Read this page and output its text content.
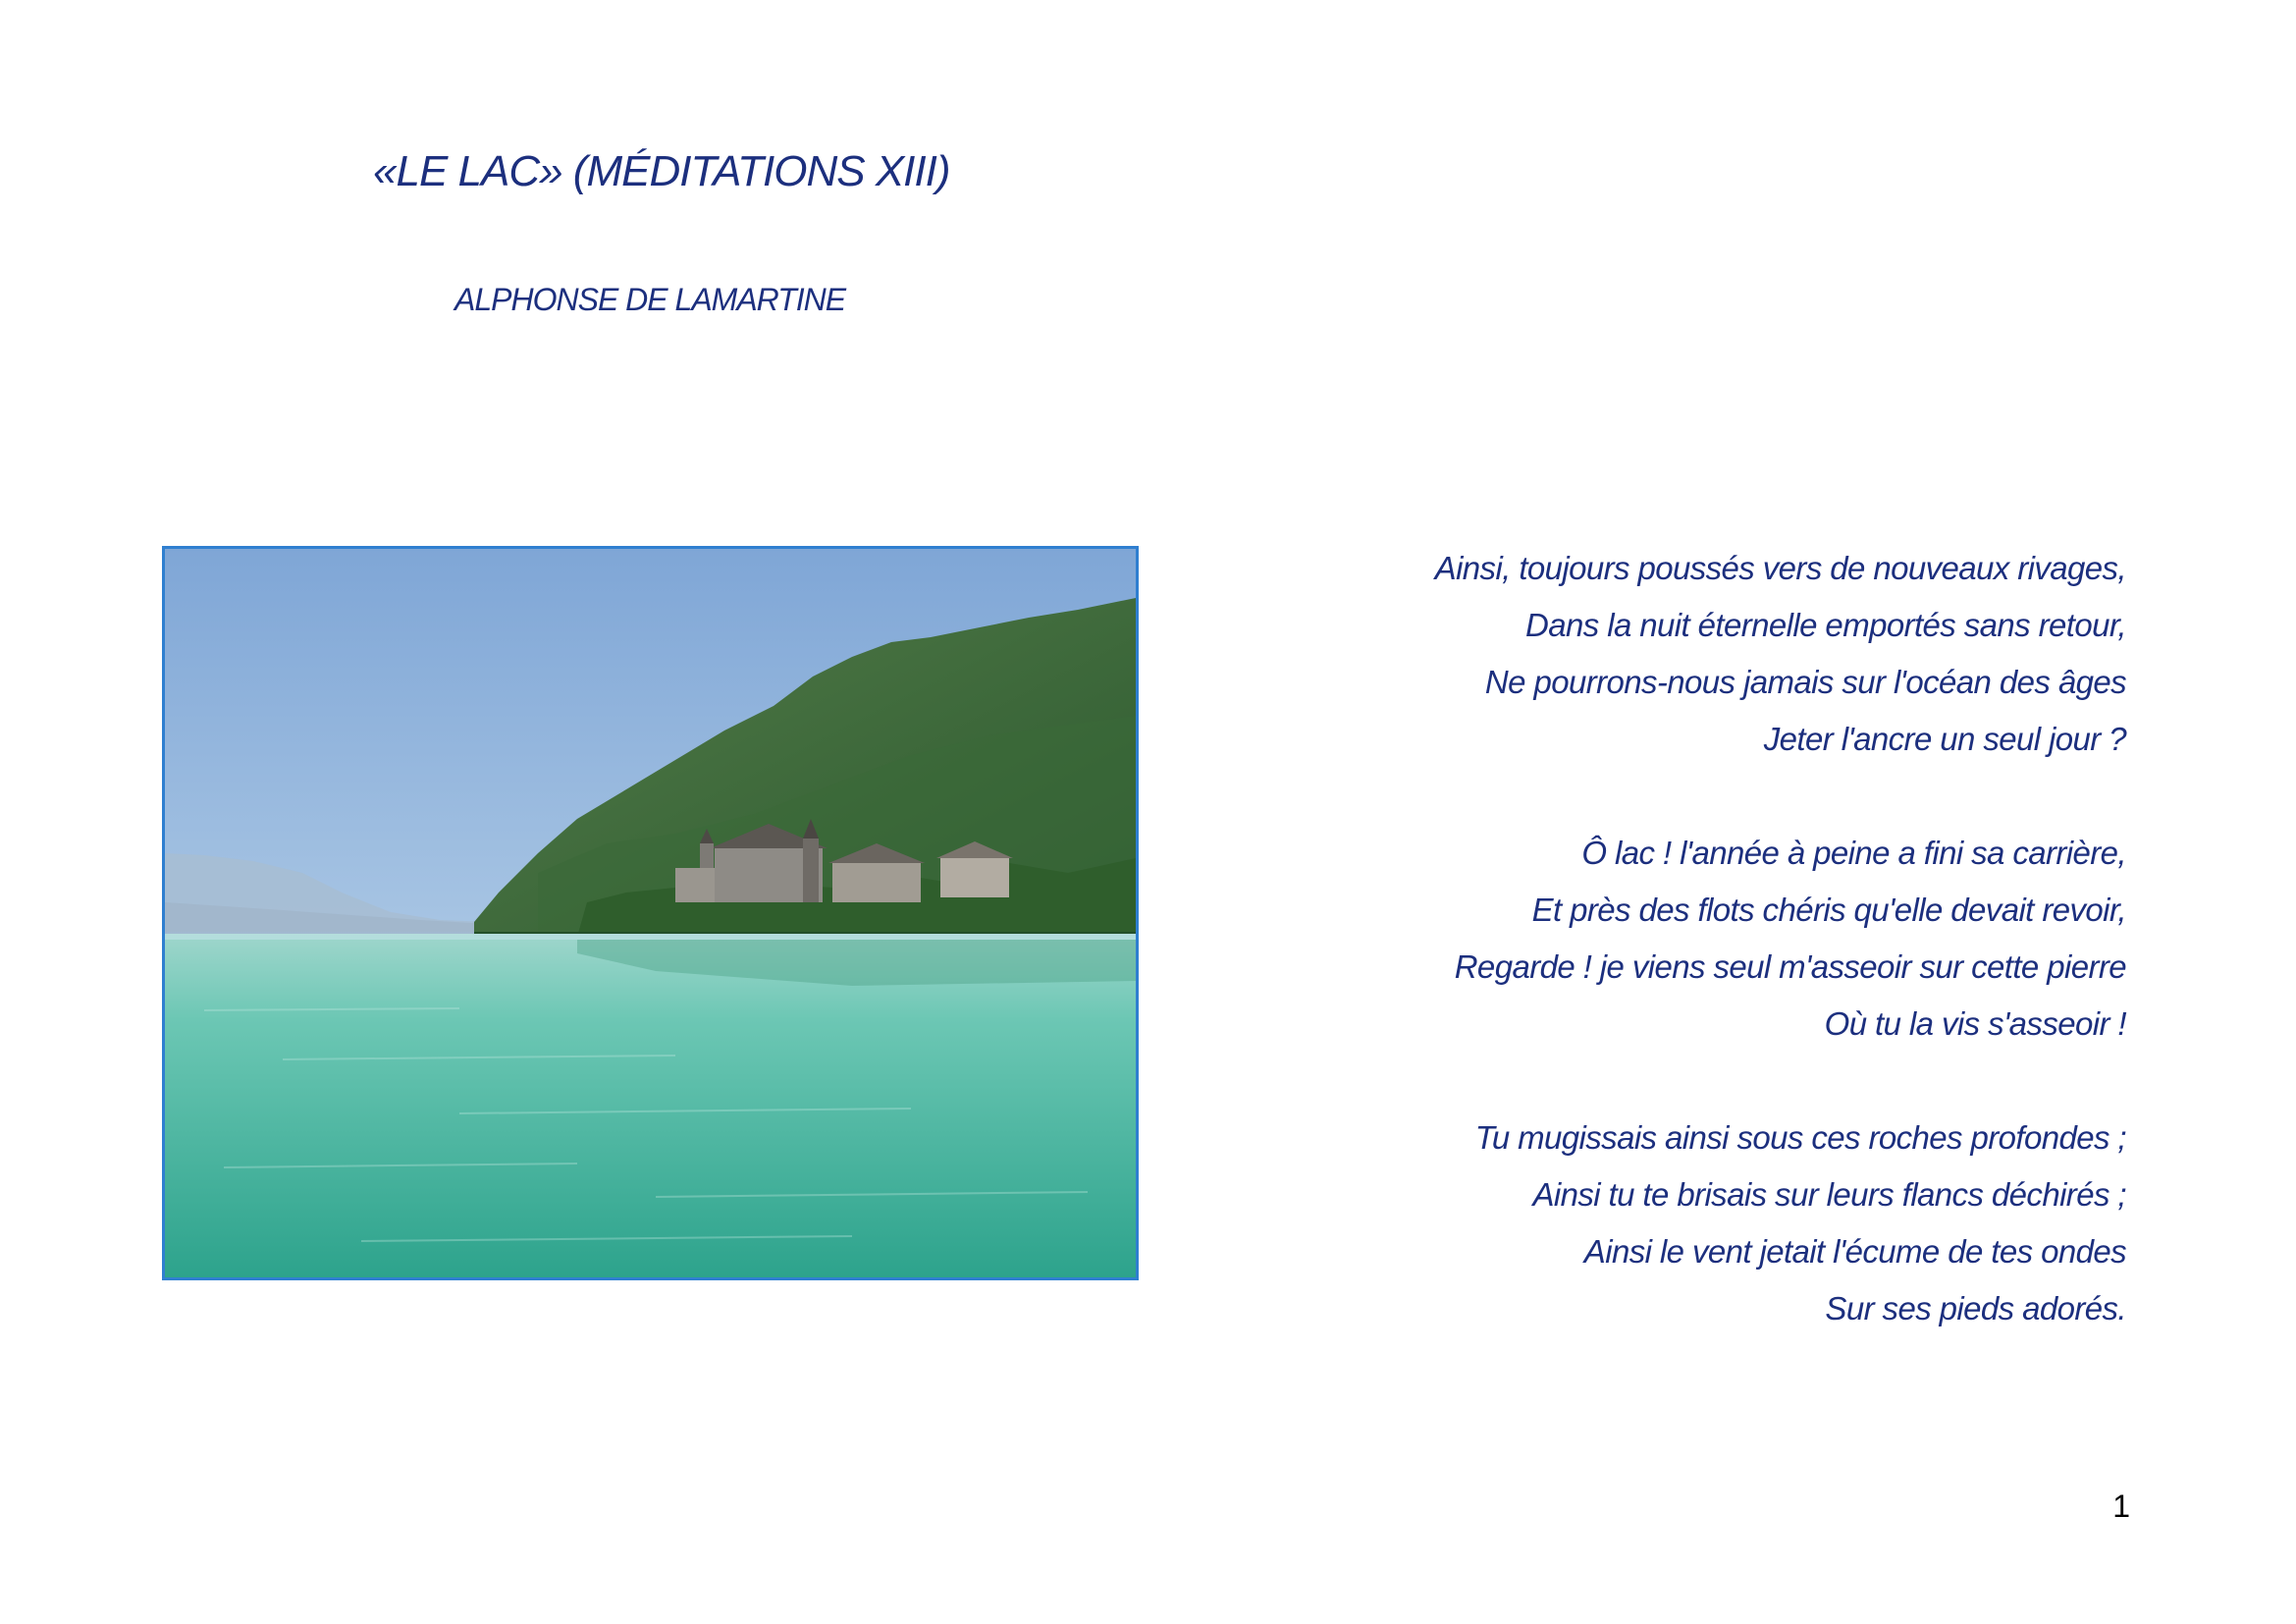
«LE LAC» (MÉDITATIONS XIII)
ALPHONSE DE LAMARTINE
Ainsi, toujours poussés vers de nouveaux rivages,
Dans la nuit éternelle emportés sans retour,
Ne pourrons-nous jamais sur l'océan des âges
Jeter l'ancre un seul jour ?
Ô lac ! l'année à peine a fini sa carrière,
Et près des flots chéris qu'elle devait revoir,
Regarde ! je viens seul m'asseoir sur cette pierre
Où tu la vis s'asseoir !
Tu mugissais ainsi sous ces roches profondes ;
Ainsi tu te brisais sur leurs flancs déchirés ;
Ainsi le vent jetait l'écume de tes ondes
Sur ses pieds adorés.
1
